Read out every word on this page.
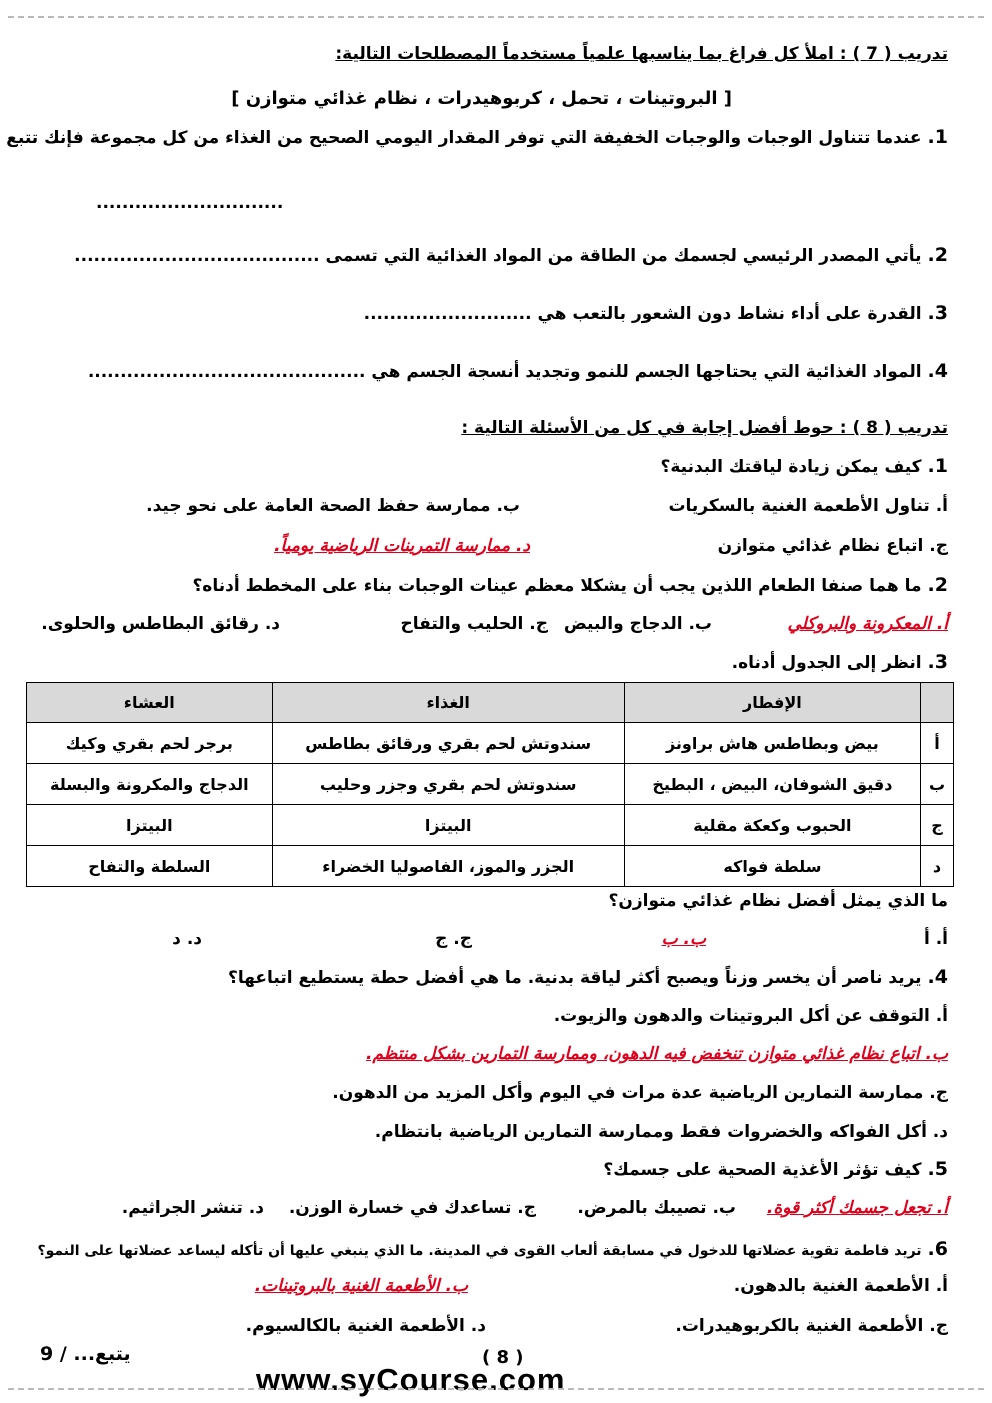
تدريب ( 7 ) : املأ كل فراغ بما يناسبها علمياً مستخدماً المصطلحات التالية:
[ البروتينات ، تحمل ، كربوهيدرات ، نظام غذائي متوازن ]
1.عندما تتناول الوجبات والوجبات الخفيفة التي توفر المقدار اليومي الصحيح من الغذاء من كل مجموعة فإنك تتبع
.............................
2.يأتي المصدر الرئيسي لجسمك من الطاقة من المواد الغذائية التي تسمى ......................................
3.القدرة على أداء نشاط دون الشعور بالتعب هي ..........................
4.المواد الغذائية التي يحتاجها الجسم للنمو وتجديد أنسجة الجسم هي ...........................................
تدريب ( 8 ) : حوط أفضل إجابة في كل من الأسئلة التالية :
1.كيف يمكن زيادة لياقتك البدنية؟
أ. تناول الأطعمة الغنية بالسكريات
ب. ممارسة حفظ الصحة العامة على نحو جيد.
ج. اتباع نظام غذائي متوازن
د. ممارسة التمرينات الرياضية يومياً.
2.ما هما صنفا الطعام اللذين يجب أن يشكلا معظم عينات الوجبات بناء على المخطط أدناه؟
أ. المعكرونة والبروكلي
ب. الدجاج والبيض
ج. الحليب والتفاح
د. رقائق البطاطس والحلوى.
3.انظر إلى الجدول أدناه.
	الإفطار	الغذاء	العشاء
أ	بيض وبطاطس هاش براونز	سندوتش لحم بقري ورقائق بطاطس	برجر لحم بقري وكيك
ب	دقيق الشوفان، البيض ، البطيخ	سندوتش لحم بقري وجزر وحليب	الدجاج والمكرونة والبسلة
ج	الحبوب وكعكة مقلية	البيتزا	البيتزا
د	سلطة فواكه	الجزر والموز، الفاصوليا الخضراء	السلطة والتفاح
ما الذي يمثل أفضل نظام غذائي متوازن؟
أ. أ
ب. ب
ج. ج
د. د
4.يريد ناصر أن يخسر وزناً ويصبح أكثر لياقة بدنية. ما هي أفضل حطة يستطيع اتباعها؟
أ. التوقف عن أكل البروتينات والدهون والزيوت.
ب. اتباع نظام غذائي متوازن تنخفض فيه الدهون، وممارسة التمارين بشكل منتظم.
ج. ممارسة التمارين الرياضية عدة مرات في اليوم وأكل المزيد من الدهون.
د. أكل الفواكه والخضروات فقط وممارسة التمارين الرياضية بانتظام.
5.كيف تؤثر الأغذية الصحية على جسمك؟
أ. تجعل جسمك أكثر قوة.
ب. تصيبك بالمرض.
ج. تساعدك في خسارة الوزن.
د. تنشر الجراثيم.
6.تريد فاطمة تقوية عضلاتها للدخول في مسابقة ألعاب القوى في المدينة. ما الذي ينبغي عليها أن تأكله ليساعد عضلاتها على النمو؟
أ. الأطعمة الغنية بالدهون.
ب. الأطعمة الغنية بالبروتينات.
ج. الأطعمة الغنية بالكربوهيدرات.
د. الأطعمة الغنية بالكالسيوم.
يتبع... / 9	( 8 )
www.syCourse.com
